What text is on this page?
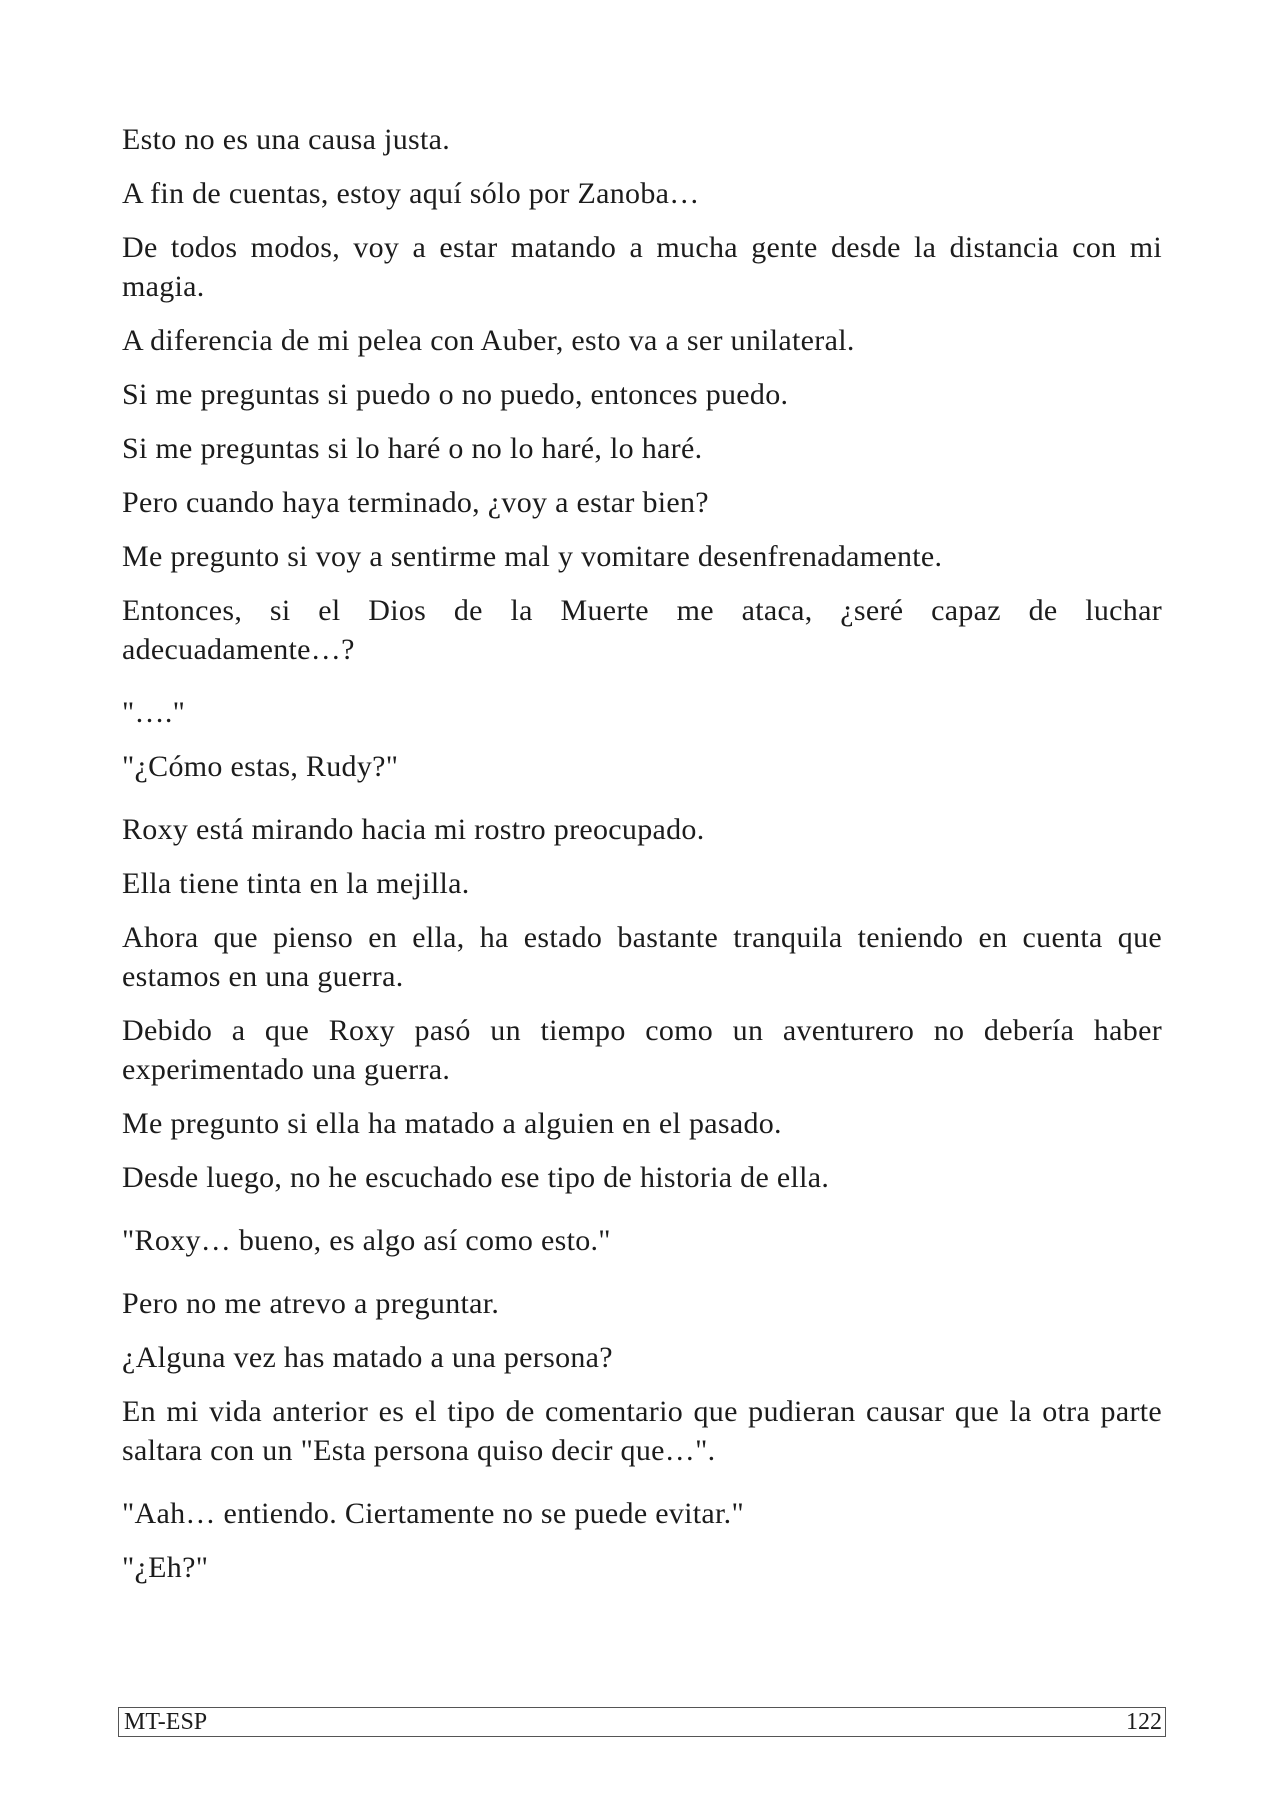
Esto no es una causa justa.

A fin de cuentas, estoy aquí sólo por Zanoba…

De todos modos, voy a estar matando a mucha gente desde la distancia con mi magia.

A diferencia de mi pelea con Auber, esto va a ser unilateral.

Si me preguntas si puedo o no puedo, entonces puedo.

Si me preguntas si lo haré o no lo haré, lo haré.

Pero cuando haya terminado, ¿voy a estar bien?

Me pregunto si voy a sentirme mal y vomitare desenfrenadamente.

Entonces, si el Dios de la Muerte me ataca, ¿seré capaz de luchar adecuadamente…?

"…."

"¿Cómo estas, Rudy?"

Roxy está mirando hacia mi rostro preocupado.

Ella tiene tinta en la mejilla.

Ahora que pienso en ella, ha estado bastante tranquila teniendo en cuenta que estamos en una guerra.

Debido a que Roxy pasó un tiempo como un aventurero no debería haber experimentado una guerra.

Me pregunto si ella ha matado a alguien en el pasado.

Desde luego, no he escuchado ese tipo de historia de ella.

"Roxy… bueno, es algo así como esto."

Pero no me atrevo a preguntar.

¿Alguna vez has matado a una persona?

En mi vida anterior es el tipo de comentario que pudieran causar que la otra parte saltara con un "Esta persona quiso decir que…".

"Aah… entiendo. Ciertamente no se puede evitar."

"¿Eh?"

MT-ESP	122
